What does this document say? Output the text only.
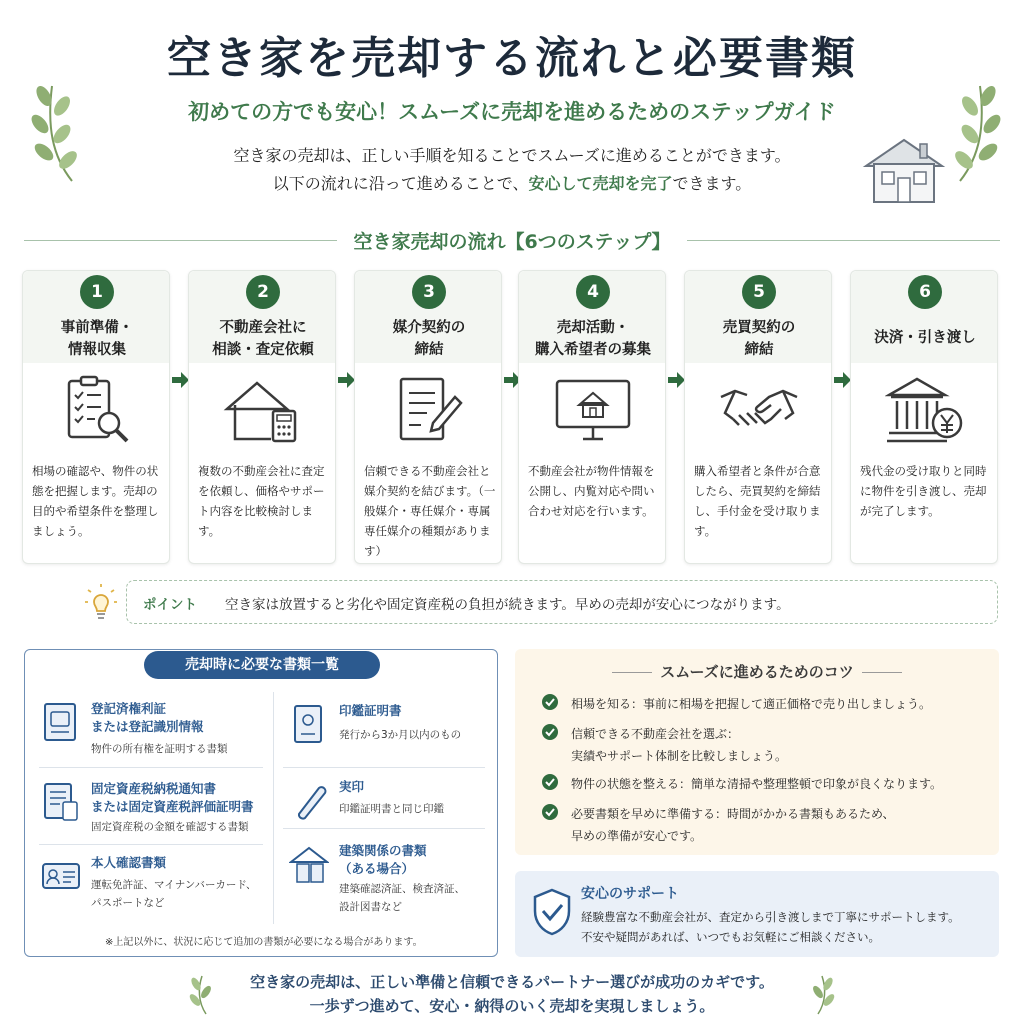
空き家を売却する流れと必要書類
初めての方でも安心！スムーズに売却を進めるためのステップガイド
空き家の売却は、正しい手順を知ることでスムーズに進めることができます。
以下の流れに沿って進めることで、安心して売却を完了できます。
空き家売却の流れ【6つのステップ】
1
事前準備・
情報収集
相場の確認や、物件の状態を把握します。売却の目的や希望条件を整理しましょう。
2
不動産会社に
相談・査定依頼
複数の不動産会社に査定を依頼し、価格やサポート内容を比較検討します。
3
媒介契約の
締結
信頼できる不動産会社と媒介契約を結びます。（一般媒介・専任媒介・専属専任媒介の種類があります）
4
売却活動・
購入希望者の募集
不動産会社が物件情報を公開し、内覧対応や問い合わせ対応を行います。
5
売買契約の
締結
購入希望者と条件が合意したら、売買契約を締結し、手付金を受け取ります。
6
決済・引き渡し
残代金の受け取りと同時に物件を引き渡し、売却が完了します。
ポイント 空き家は放置すると劣化や固定資産税の負担が続きます。早めの売却が安心につながります。
売却時に必要な書類一覧
登記済権利証
または登記識別情報
物件の所有権を証明する書類
印鑑証明書
発行から3か月以内のもの
固定資産税納税通知書
または固定資産税評価証明書
固定資産税の金額を確認する書類
実印
印鑑証明書と同じ印鑑
本人確認書類
運転免許証、マイナンバーカード、
パスポートなど
建築関係の書類
（ある場合）
建築確認済証、検査済証、
設計図書など
※上記以外に、状況に応じて追加の書類が必要になる場合があります。
スムーズに進めるためのコツ
相場を知る：事前に相場を把握して適正価格で売り出しましょう。
信頼できる不動産会社を選ぶ：
実績やサポート体制を比較しましょう。
物件の状態を整える：簡単な清掃や整理整頓で印象が良くなります。
必要書類を早めに準備する：時間がかかる書類もあるため、
早めの準備が安心です。
安心のサポート
経験豊富な不動産会社が、査定から引き渡しまで丁寧にサポートします。
不安や疑問があれば、いつでもお気軽にご相談ください。
空き家の売却は、正しい準備と信頼できるパートナー選びが成功のカギです。
一歩ずつ進めて、安心・納得のいく売却を実現しましょう。
